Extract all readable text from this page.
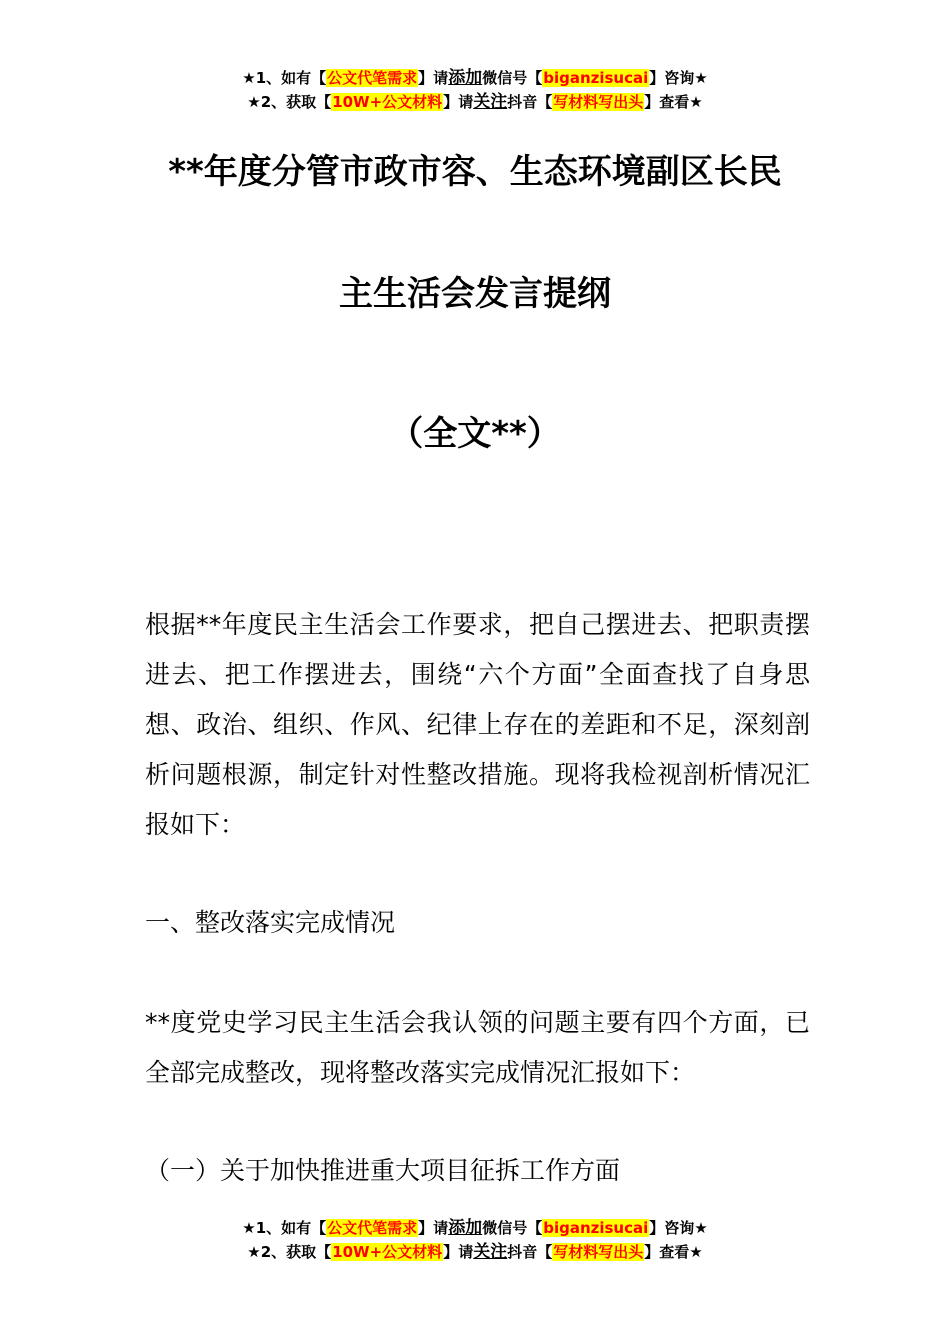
★1、如有【公文代笔需求】请添加微信号【biganzisucai】咨询★
★2、获取【10W+公文材料】请关注抖音【写材料写出头】查看★
**年度分管市政市容、生态环境副区长民
主生活会发言提纲
（全文**）
根据**年度民主生活会工作要求，把自己摆进去、把职责摆进去、把工作摆进去，围绕“六个方面”全面查找了自身思想、政治、组织、作风、纪律上存在的差距和不足，深刻剖析问题根源，制定针对性整改措施。现将我检视剖析情况汇报如下：
一、整改落实完成情况
**度党史学习民主生活会我认领的问题主要有四个方面，已全部完成整改，现将整改落实完成情况汇报如下：
（一）关于加快推进重大项目征拆工作方面
★1、如有【公文代笔需求】请添加微信号【biganzisucai】咨询★
★2、获取【10W+公文材料】请关注抖音【写材料写出头】查看★
